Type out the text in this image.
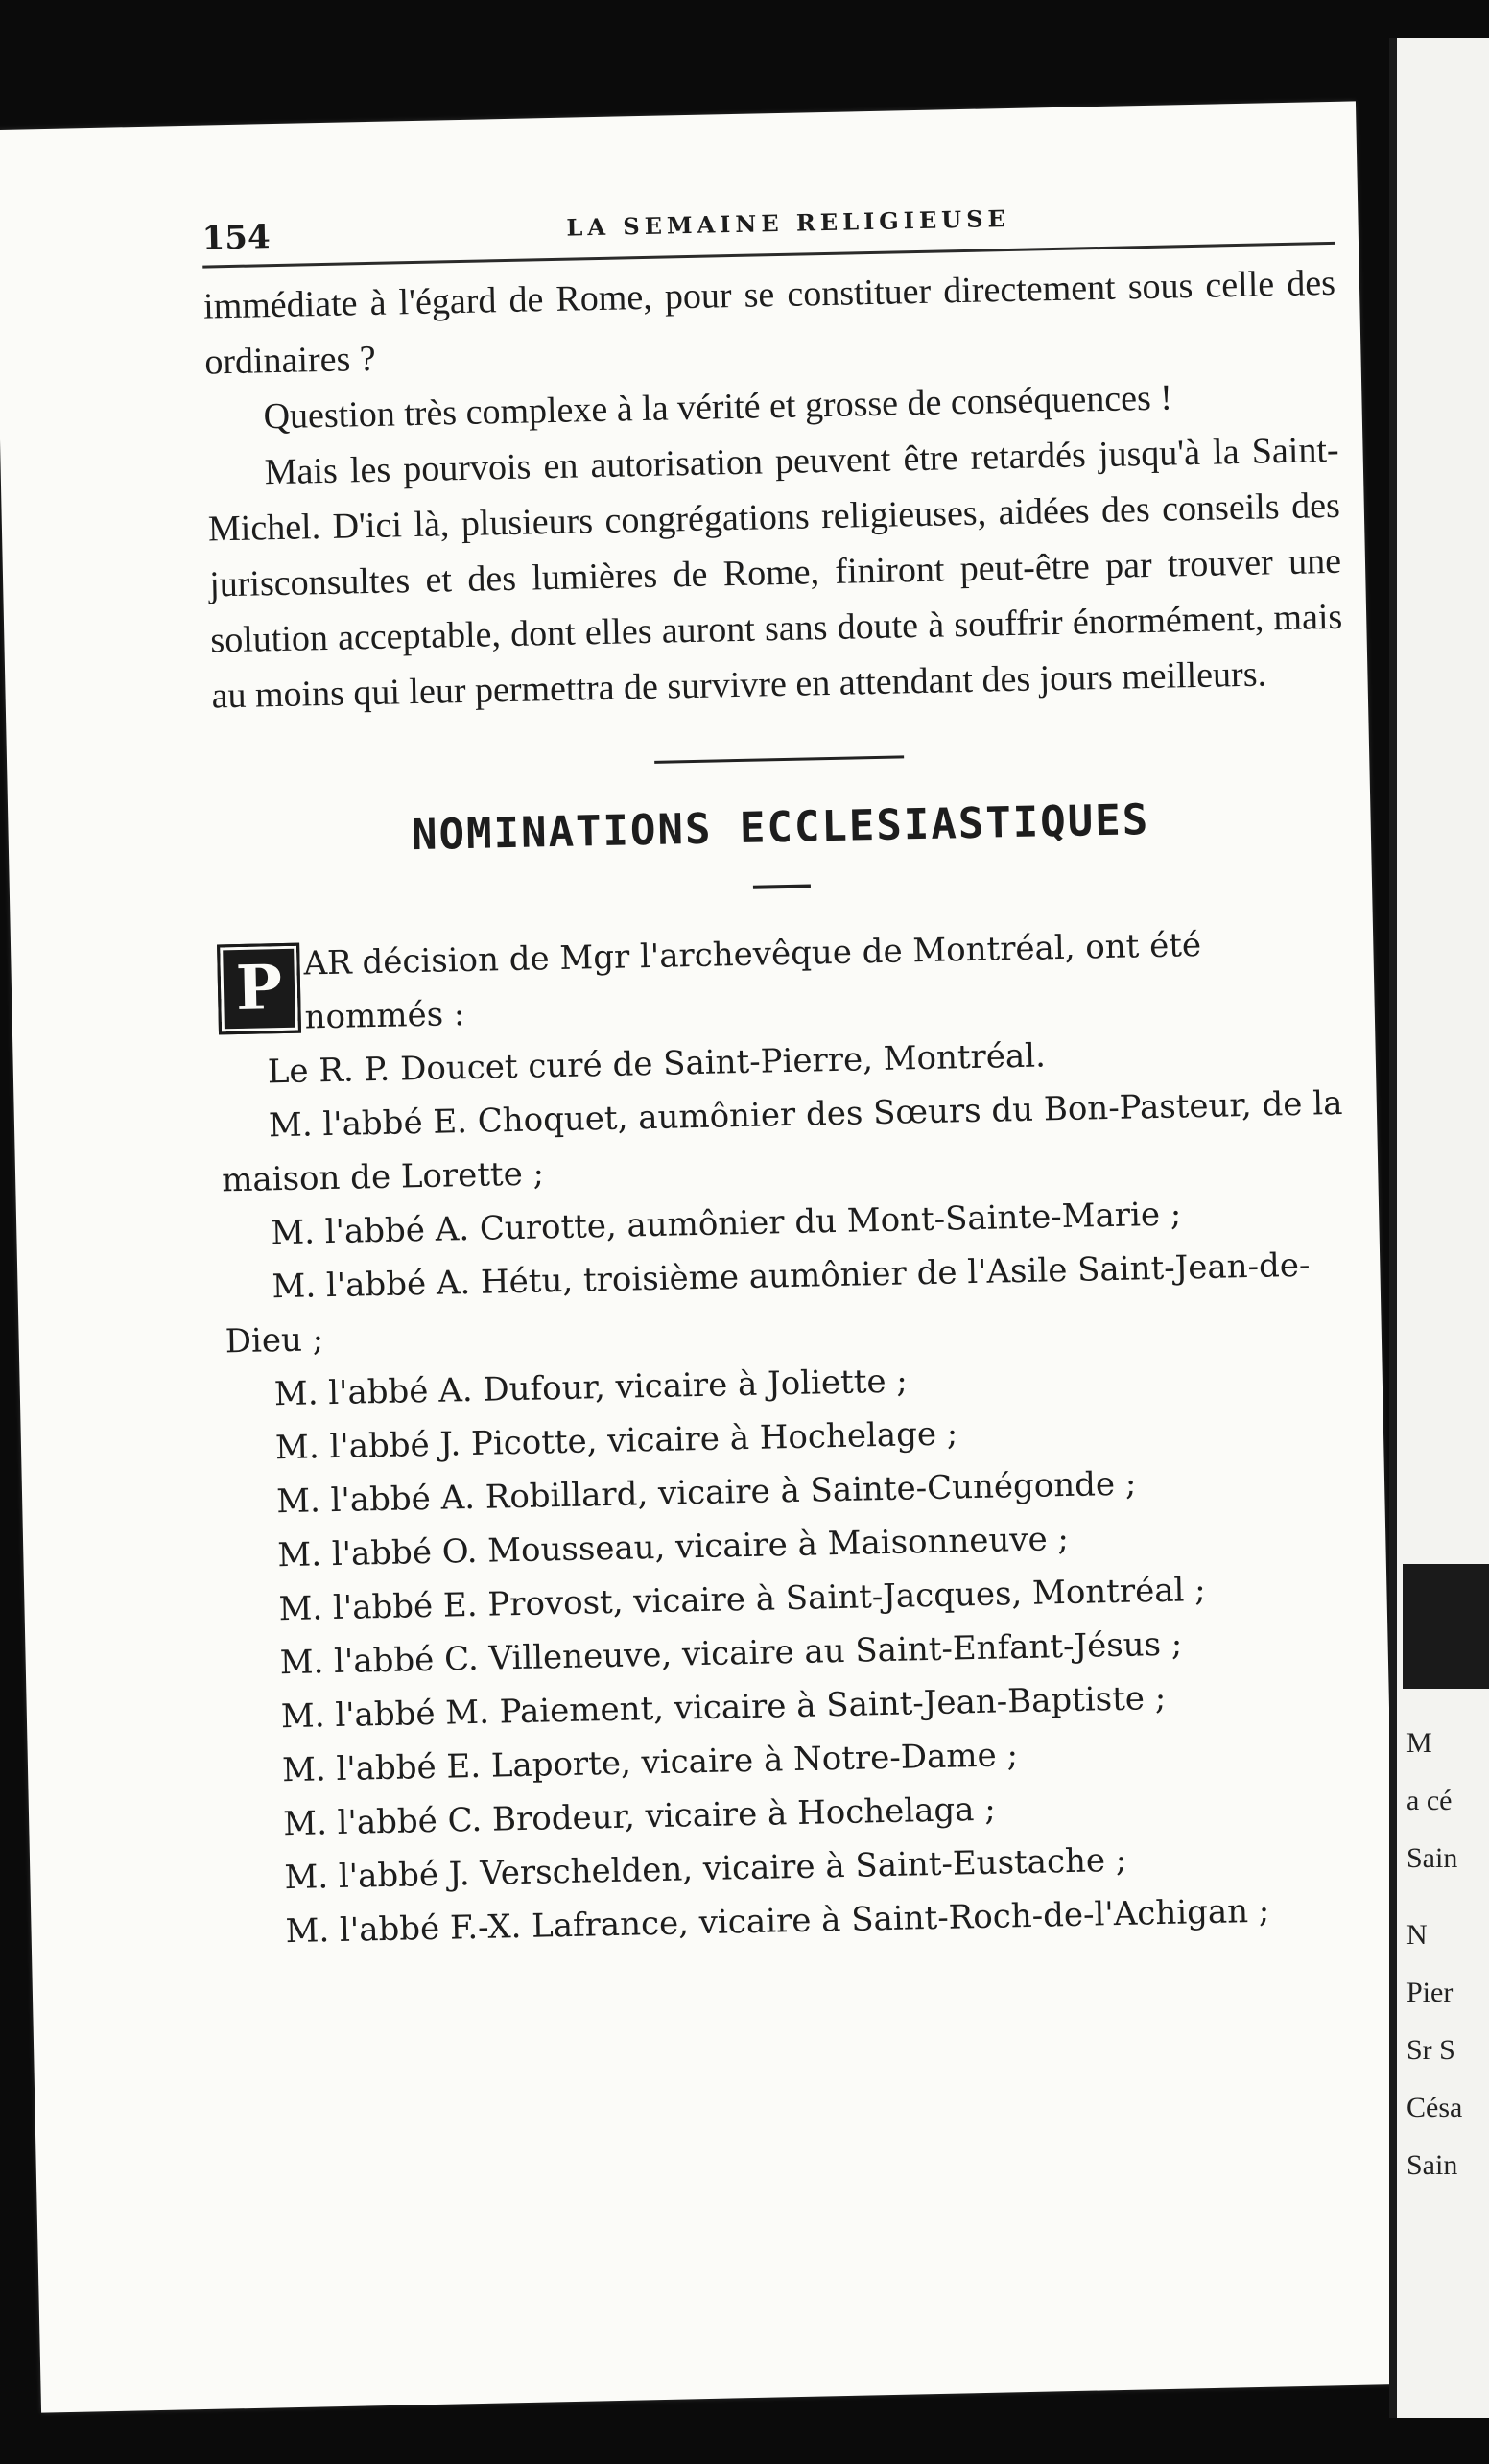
154	LA SEMAINE RELIGIEUSE

immédiate à l'égard de Rome, pour se constituer directement sous celle des ordinaires ?

Question très complexe à la vérité et grosse de conséquences !

Mais les pourvois en autorisation peuvent être retardés jusqu'à la Saint-Michel. D'ici là, plusieurs congrégations religieuses, aidées des conseils des jurisconsultes et des lumières de Rome, finiront peut-être par trouver une solution acceptable, dont elles auront sans doute à souffrir énormément, mais au moins qui leur permettra de survivre en attendant des jours meilleurs.

NOMINATIONS ECCLESIASTIQUES

P AR décision de Mgr l'archevêque de Montréal, ont été nommés :

Le R. P. Doucet curé de Saint-Pierre, Montréal.

M. l'abbé E. Choquet, aumônier des Sœurs du Bon-Pasteur, de la maison de Lorette ;

M. l'abbé A. Curotte, aumônier du Mont-Sainte-Marie ;

M. l'abbé A. Hétu, troisième aumônier de l'Asile Saint-Jean-de-Dieu ;

M. l'abbé A. Dufour, vicaire à Joliette ;

M. l'abbé J. Picotte, vicaire à Hochelage ;

M. l'abbé A. Robillard, vicaire à Sainte-Cunégonde ;

M. l'abbé O. Mousseau, vicaire à Maisonneuve ;

M. l'abbé E. Provost, vicaire à Saint-Jacques, Montréal ;

M. l'abbé C. Villeneuve, vicaire au Saint-Enfant-Jésus ;

M. l'abbé M. Paiement, vicaire à Saint-Jean-Baptiste ;

M. l'abbé E. Laporte, vicaire à Notre-Dame ;

M. l'abbé C. Brodeur, vicaire à Hochelaga ;

M. l'abbé J. Verschelden, vicaire à Saint-Eustache ;

M. l'abbé F.-X. Lafrance, vicaire à Saint-Roch-de-l'Achigan ;

M
a cé
Sain
N
Pier
Sr S
Césa
Sain
